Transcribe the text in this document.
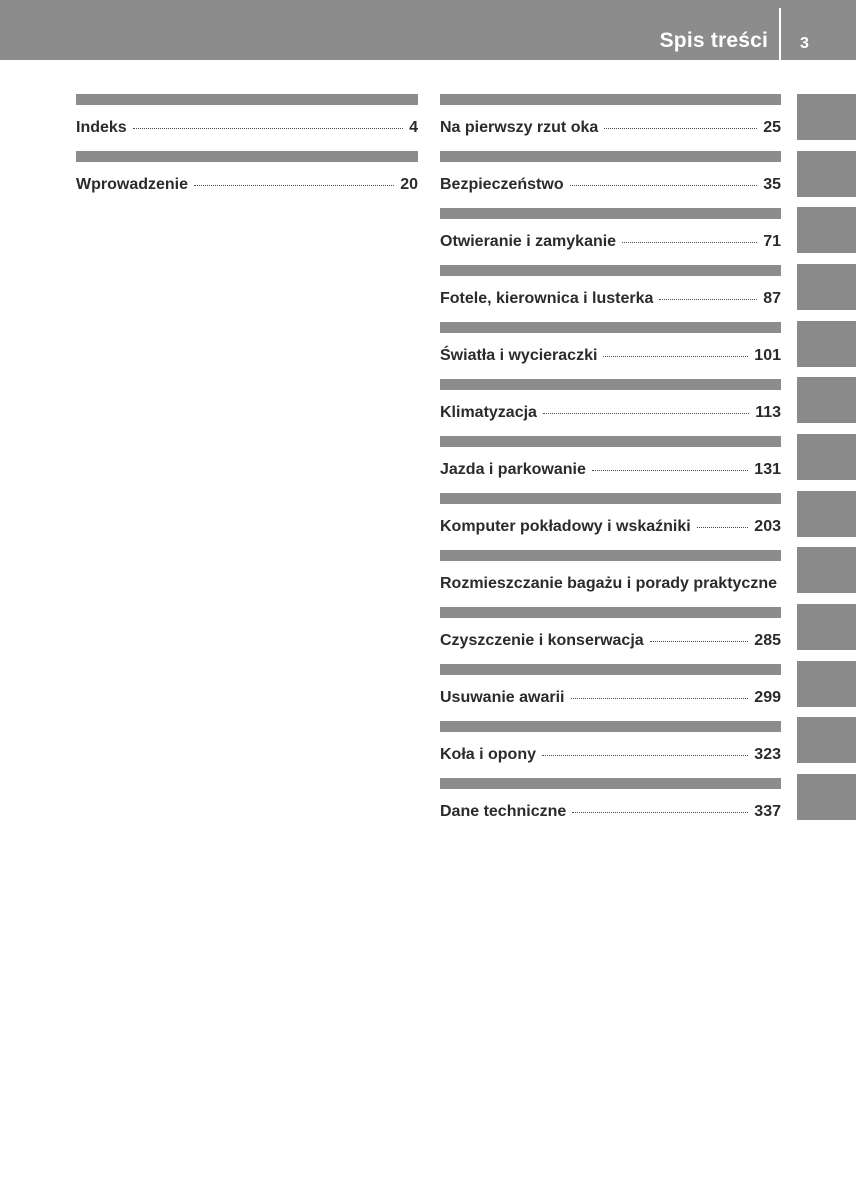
Spis treści 3
Indeks	4
Wprowadzenie	20
Na pierwszy rzut oka	25
Bezpieczeństwo	35
Otwieranie i zamykanie	71
Fotele, kierownica i lusterka	87
Światła i wycieraczki	101
Klimatyzacja	113
Jazda i parkowanie	131
Komputer pokładowy i wskaźniki	203
Rozmieszczanie bagażu i porady praktyczne
Czyszczenie i konserwacja	285
Usuwanie awarii	299
Koła i opony	323
Dane techniczne	337
